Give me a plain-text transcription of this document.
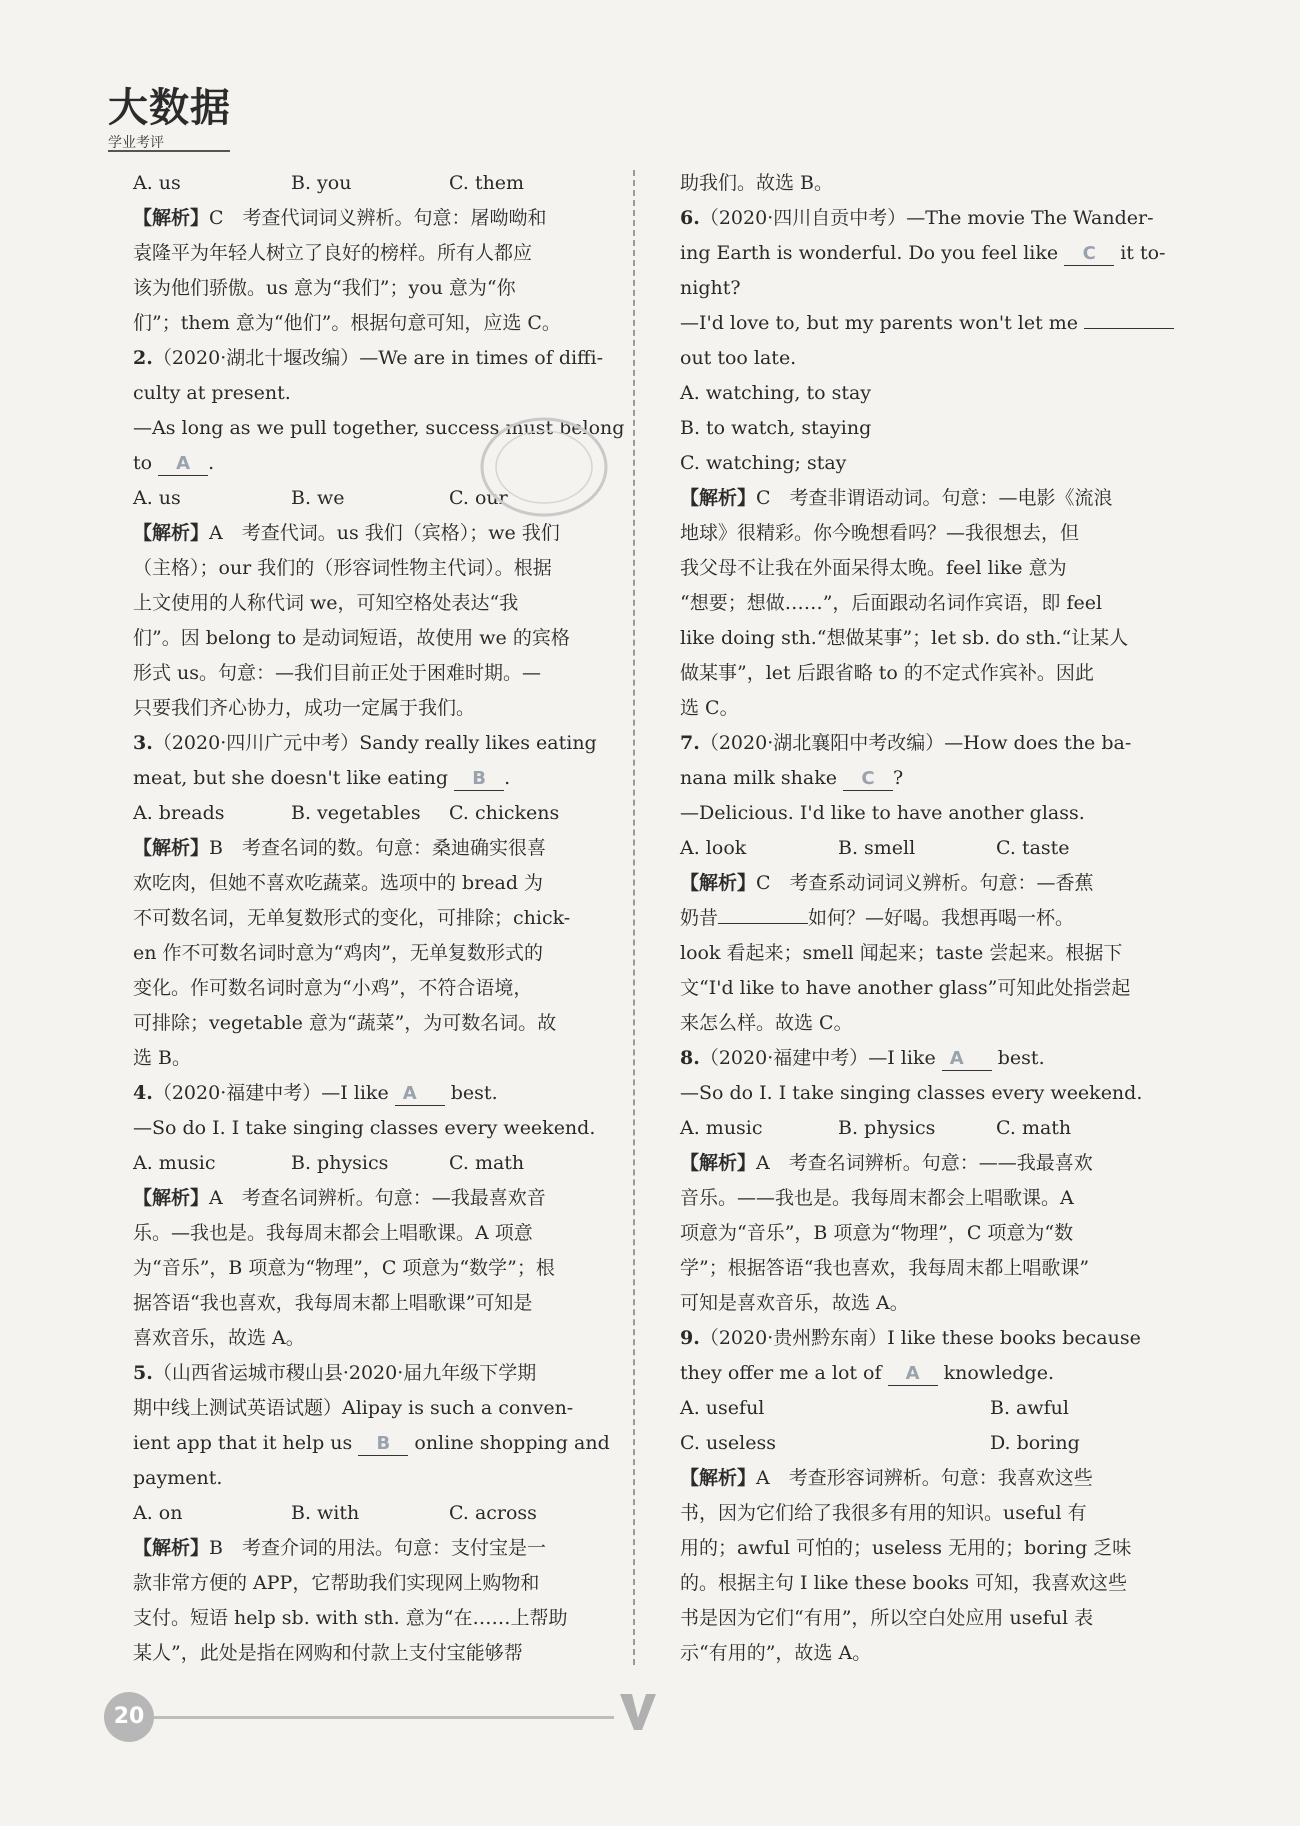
大数据
学业考评
A. us	B. you	C. them
【解析】C　考查代词词义辨析。句意：屠呦呦和
袁隆平为年轻人树立了良好的榜样。所有人都应
该为他们骄傲。us 意为“我们”；you 意为“你
们”；them 意为“他们”。根据句意可知，应选 C。
2.（2020·湖北十堰改编）—We are in times of diffi-
culty at present.
—As long as we pull together, success must belong
to A .
A. us	B. we	C. our
【解析】A　考查代词。us 我们（宾格）；we 我们
（主格）；our 我们的（形容词性物主代词）。根据
上文使用的人称代词 we，可知空格处表达“我
们”。因 belong to 是动词短语，故使用 we 的宾格
形式 us。句意：—我们目前正处于困难时期。—
只要我们齐心协力，成功一定属于我们。
3.（2020·四川广元中考）Sandy really likes eating
meat, but she doesn't like eating B .
A. breads	B. vegetables	C. chickens
【解析】B　考查名词的数。句意：桑迪确实很喜
欢吃肉，但她不喜欢吃蔬菜。选项中的 bread 为
不可数名词，无单复数形式的变化，可排除；chick-
en 作不可数名词时意为“鸡肉”，无单复数形式的
变化。作可数名词时意为“小鸡”，不符合语境，
可排除；vegetable 意为“蔬菜”，为可数名词。故
选 B。
4.（2020·福建中考）—I like A best.
—So do I. I take singing classes every weekend.
A. music	B. physics	C. math
【解析】A　考查名词辨析。句意：—我最喜欢音
乐。—我也是。我每周末都会上唱歌课。A 项意
为“音乐”，B 项意为“物理”，C 项意为“数学”；根
据答语“我也喜欢，我每周末都上唱歌课”可知是
喜欢音乐，故选 A。
5.（山西省运城市稷山县·2020·届九年级下学期
期中线上测试英语试题）Alipay is such a conven-
ient app that it help us B online shopping and
payment.
A. on	B. with	C. across
【解析】B　考查介词的用法。句意：支付宝是一
款非常方便的 APP，它帮助我们实现网上购物和
支付。短语 help sb. with sth. 意为“在……上帮助
某人”，此处是指在网购和付款上支付宝能够帮
助我们。故选 B。
6.（2020·四川自贡中考）—The movie The Wander-
ing Earth is wonderful. Do you feel like C it to-
night?
—I'd love to, but my parents won't let me
out too late.
A. watching, to stay
B. to watch, staying
C. watching; stay
【解析】C　考查非谓语动词。句意：—电影《流浪
地球》很精彩。你今晚想看吗？—我很想去，但
我父母不让我在外面呆得太晚。feel like 意为
“想要；想做……”，后面跟动名词作宾语，即 feel
like doing sth.“想做某事”；let sb. do sth.“让某人
做某事”，let 后跟省略 to 的不定式作宾补。因此
选 C。
7.（2020·湖北襄阳中考改编）—How does the ba-
nana milk shake C ?
—Delicious. I'd like to have another glass.
A. look	B. smell	C. taste
【解析】C　考查系动词词义辨析。句意：—香蕉
奶昔	如何？—好喝。我想再喝一杯。
look 看起来；smell 闻起来；taste 尝起来。根据下
文“I'd like to have another glass”可知此处指尝起
来怎么样。故选 C。
8.（2020·福建中考）—I like A best.
—So do I. I take singing classes every weekend.
A. music	B. physics	C. math
【解析】A　考查名词辨析。句意：——我最喜欢
音乐。——我也是。我每周末都会上唱歌课。A
项意为“音乐”，B 项意为“物理”，C 项意为“数
学”；根据答语“我也喜欢，我每周末都上唱歌课”
可知是喜欢音乐，故选 A。
9.（2020·贵州黔东南）I like these books because
they offer me a lot of A knowledge.
A. useful	B. awful
C. useless	D. boring
【解析】A　考查形容词辨析。句意：我喜欢这些
书，因为它们给了我很多有用的知识。useful 有
用的；awful 可怕的；useless 无用的；boring 乏味
的。根据主句 I like these books 可知，我喜欢这些
书是因为它们“有用”，所以空白处应用 useful 表
示“有用的”，故选 A。
20
